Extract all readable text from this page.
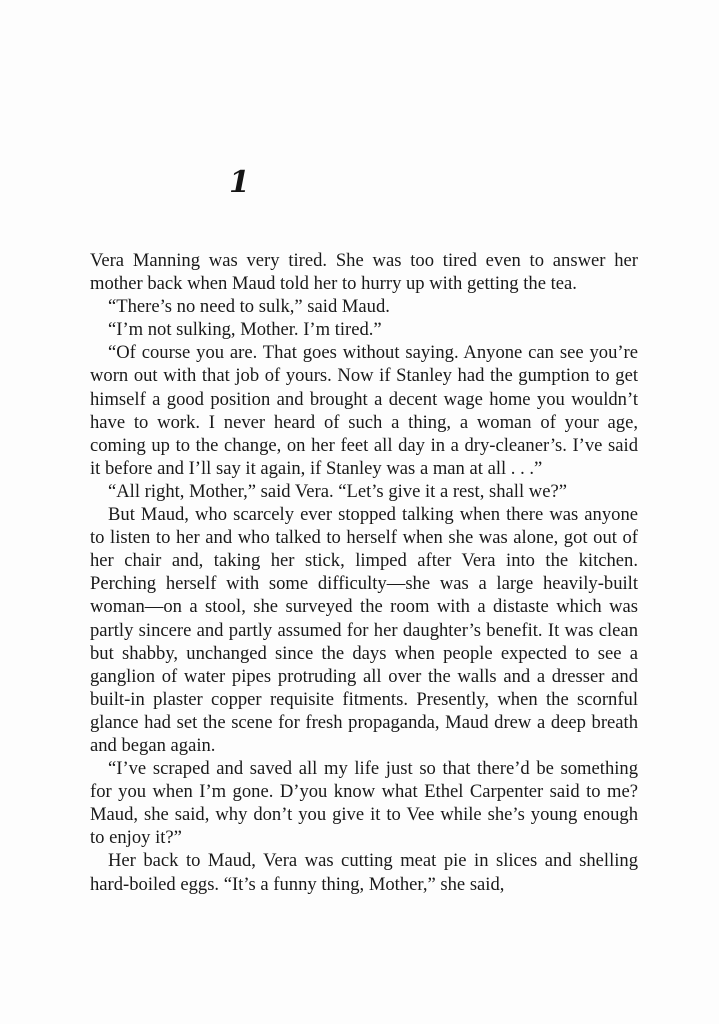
1

Vera Manning was very tired. She was too tired even to answer her mother back when Maud told her to hurry up with getting the tea.

“There’s no need to sulk,” said Maud.

“I’m not sulking, Mother. I’m tired.”

“Of course you are. That goes without saying. Anyone can see you’re worn out with that job of yours. Now if Stanley had the gumption to get himself a good position and brought a decent wage home you wouldn’t have to work. I never heard of such a thing, a woman of your age, coming up to the change, on her feet all day in a dry-cleaner’s. I’ve said it before and I’ll say it again, if Stanley was a man at all . . .”

“All right, Mother,” said Vera. “Let’s give it a rest, shall we?”

But Maud, who scarcely ever stopped talking when there was anyone to listen to her and who talked to herself when she was alone, got out of her chair and, taking her stick, limped after Vera into the kitchen. Perching herself with some difficulty—she was a large heavily-built woman—on a stool, she surveyed the room with a distaste which was partly sincere and partly assumed for her daughter’s benefit. It was clean but shabby, unchanged since the days when people expected to see a ganglion of water pipes protruding all over the walls and a dresser and built-in plaster copper requisite fitments. Presently, when the scornful glance had set the scene for fresh propaganda, Maud drew a deep breath and began again.

“I’ve scraped and saved all my life just so that there’d be something for you when I’m gone. D’you know what Ethel Carpenter said to me? Maud, she said, why don’t you give it to Vee while she’s young enough to enjoy it?”

Her back to Maud, Vera was cutting meat pie in slices and shelling hard-boiled eggs. “It’s a funny thing, Mother,” she said,
